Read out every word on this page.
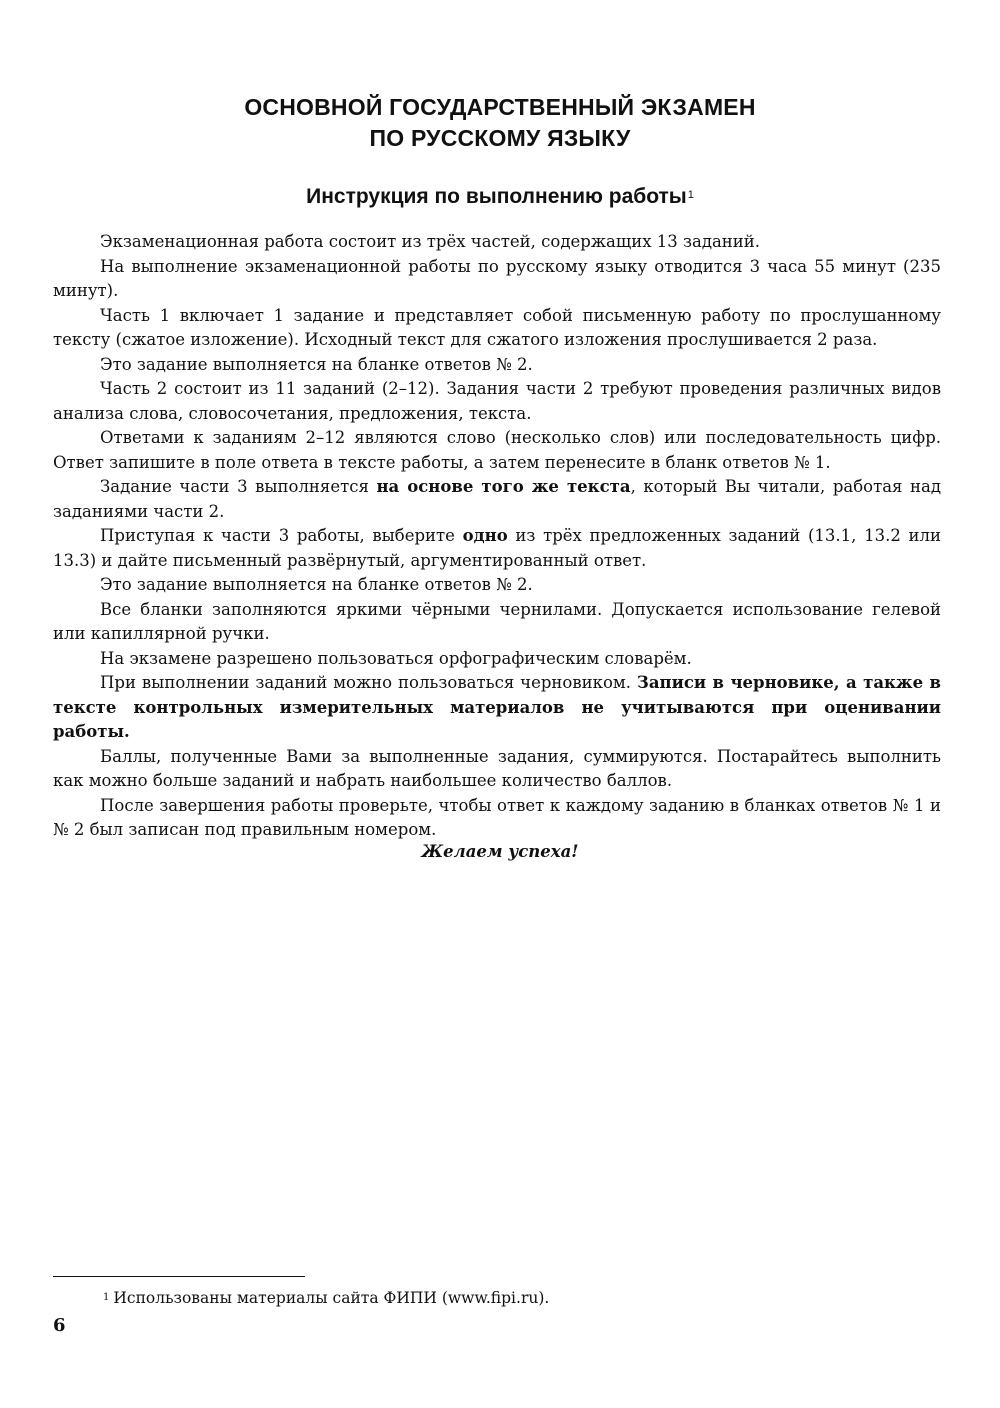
ОСНОВНОЙ ГОСУДАРСТВЕННЫЙ ЭКЗАМЕН
ПО РУССКОМУ ЯЗЫКУ
Инструкция по выполнению работы$^1$

Экзаменационная работа состоит из трёх частей, содержащих 13 заданий.

На выполнение экзаменационной работы по русскому языку отводится 3 часа 55 минут (235 минут).

Часть 1 включает 1 задание и представляет собой письменную работу по прослушанному тексту (сжатое изложение). Исходный текст для сжатого изложения прослушивается 2 раза.

Это задание выполняется на бланке ответов № 2.

Часть 2 состоит из 11 заданий (2–12). Задания части 2 требуют проведения различных видов анализа слова, словосочетания, предложения, текста.

Ответами к заданиям 2–12 являются слово (несколько слов) или последовательность цифр. Ответ запишите в поле ответа в тексте работы, а затем перенесите в бланк ответов № 1.

Задание части 3 выполняется на основе того же текста, который Вы читали, работая над заданиями части 2.

Приступая к части 3 работы, выберите одно из трёх предложенных заданий (13.1, 13.2 или 13.3) и дайте письменный развёрнутый, аргументированный ответ.

Это задание выполняется на бланке ответов № 2.

Все бланки заполняются яркими чёрными чернилами. Допускается использование гелевой или капиллярной ручки.

На экзамене разрешено пользоваться орфографическим словарём.

При выполнении заданий можно пользоваться черновиком. Записи в черновике, а также в тексте контрольных измерительных материалов не учитываются при оценивании работы.

Баллы, полученные Вами за выполненные задания, суммируются. Постарайтесь выполнить как можно больше заданий и набрать наибольшее количество баллов.

После завершения работы проверьте, чтобы ответ к каждому заданию в бланках ответов № 1 и № 2 был записан под правильным номером.

Желаем успеха!
$^1$ Использованы материалы сайта ФИПИ (www.fipi.ru).
6
